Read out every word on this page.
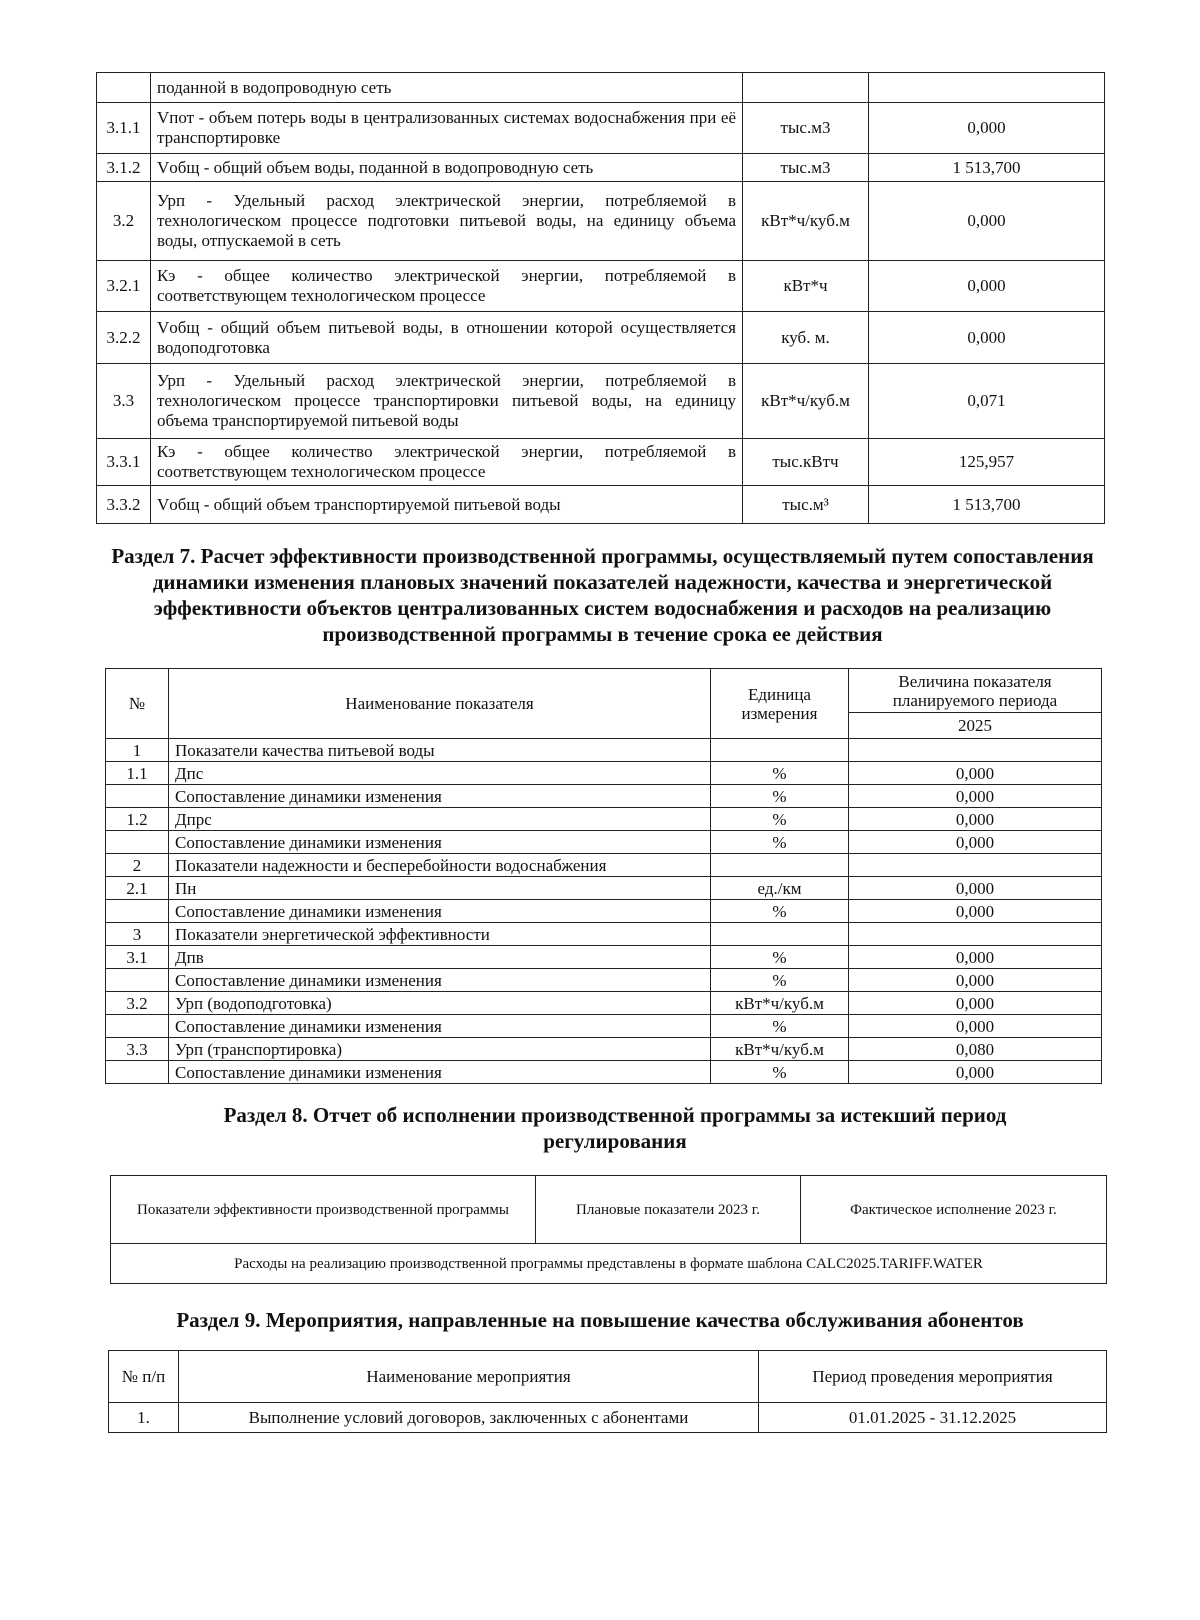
	поданной в водопроводную сеть		
3.1.1	Vпот - объем потерь воды в централизованных системах водоснабжения при её транспортировке	тыс.м3	0,000
3.1.2	Vобщ - общий объем воды, поданной в водопроводную сеть	тыс.м3	1 513,700
3.2	Урп - Удельный расход электрической энергии, потребляемой в технологическом процессе подготовки питьевой воды, на единицу объема воды, отпускаемой в сеть	кВт*ч/куб.м	0,000
3.2.1	Кэ - общее количество электрической энергии, потребляемой в соответствующем технологическом процессе	кВт*ч	0,000
3.2.2	Vобщ - общий объем питьевой воды, в отношении которой осуществляется водоподготовка	куб. м.	0,000
3.3	Урп - Удельный расход электрической энергии, потребляемой в технологическом процессе транспортировки питьевой воды, на единицу объема транспортируемой питьевой воды	кВт*ч/куб.м	0,071
3.3.1	Кэ - общее количество электрической энергии, потребляемой в соответствующем технологическом процессе	тыс.кВтч	125,957
3.3.2	Vобщ - общий объем транспортируемой питьевой воды	тыс.м³	1 513,700
Раздел 7. Расчет эффективности производственной программы, осуществляемый путем сопоставления динамики изменения плановых значений показателей надежности, качества и энергетической эффективности объектов централизованных систем водоснабжения и расходов на реализацию производственной программы в течение срока ее действия
№	Наименование показателя	Единица измерения	Величина показателя планируемого периода
			2025
1	Показатели качества питьевой воды		
1.1	Дпс	%	0,000
	Сопоставление динамики изменения	%	0,000
1.2	Дпрс	%	0,000
	Сопоставление динамики изменения	%	0,000
2	Показатели надежности и бесперебойности водоснабжения		
2.1	Пн	ед./км	0,000
	Сопоставление динамики изменения	%	0,000
3	Показатели энергетической эффективности		
3.1	Дпв	%	0,000
	Сопоставление динамики изменения	%	0,000
3.2	Урп (водоподготовка)	кВт*ч/куб.м	0,000
	Сопоставление динамики изменения	%	0,000
3.3	Урп (транспортировка)	кВт*ч/куб.м	0,080
	Сопоставление динамики изменения	%	0,000
Раздел 8. Отчет об исполнении производственной программы за истекший период регулирования
Показатели эффективности производственной программы	Плановые показатели 2023 г.	Фактическое исполнение 2023 г.
Расходы на реализацию производственной программы представлены в формате шаблона CALC2025.TARIFF.WATER
Раздел 9. Мероприятия, направленные на повышение качества обслуживания абонентов
№ п/п	Наименование мероприятия	Период проведения мероприятия
1.	Выполнение условий договоров, заключенных с абонентами	01.01.2025 - 31.12.2025
